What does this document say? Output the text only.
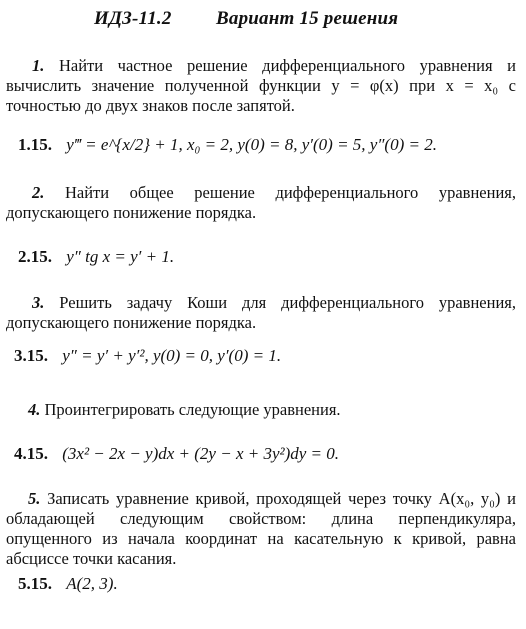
ИДЗ-11.2 Вариант 15 решения
1. Найти частное решение дифференциального уравнения и вычислить значение полученной функции y = φ(x) при x = x₀ с точностью до двух знаков после запятой.
1.15. y‴ = e^{x/2} + 1, x₀ = 2, y(0) = 8, y′(0) = 5, y″(0) = 2.
2. Найти общее решение дифференциального уравнения, допускающего понижение порядка.
2.15. y″ tg x = y′ + 1.
3. Решить задачу Коши для дифференциального уравнения, допускающего понижение порядка.
3.15. y″ = y′ + y′², y(0) = 0, y′(0) = 1.
4. Проинтегрировать следующие уравнения.
4.15. (3x² − 2x − y)dx + (2y − x + 3y²)dy = 0.
5. Записать уравнение кривой, проходящей через точку A(x₀, y₀) и обладающей следующим свойством: длина перпендикуляра, опущенного из начала координат на касательную к кривой, равна абсциссе точки касания.
5.15. A(2, 3).
